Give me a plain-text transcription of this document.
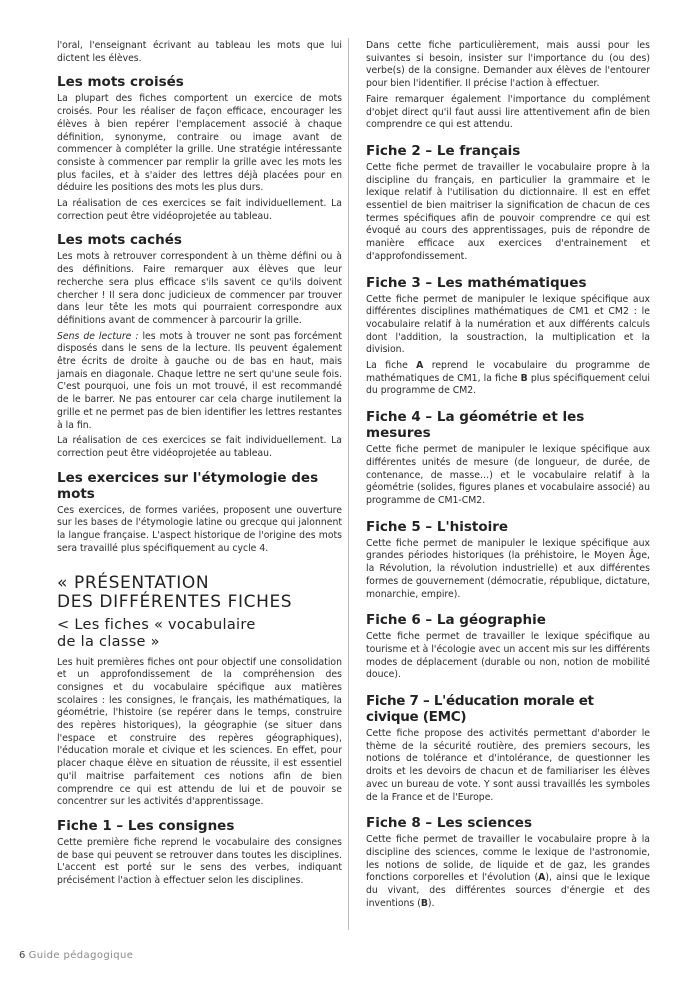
l'oral, l'enseignant écrivant au tableau les mots que lui dictent les élèves.

Les mots croisés

La plupart des fiches comportent un exercice de mots croisés. Pour les réaliser de façon efficace, encourager les élèves à bien repérer l'emplacement associé à chaque définition, synonyme, contraire ou image avant de commencer à compléter la grille. Une stratégie intéressante consiste à commencer par remplir la grille avec les mots les plus faciles, et à s'aider des lettres déjà placées pour en déduire les positions des mots les plus durs.

La réalisation de ces exercices se fait individuellement. La correction peut être vidéoprojetée au tableau.

Les mots cachés

Les mots à retrouver correspondent à un thème défini ou à des définitions. Faire remarquer aux élèves que leur recherche sera plus efficace s'ils savent ce qu'ils doivent chercher ! Il sera donc judicieux de commencer par trouver dans leur tête les mots qui pourraient correspondre aux définitions avant de commencer à parcourir la grille.

Sens de lecture : les mots à trouver ne sont pas forcément disposés dans le sens de la lecture. Ils peuvent également être écrits de droite à gauche ou de bas en haut, mais jamais en diagonale. Chaque lettre ne sert qu'une seule fois. C'est pourquoi, une fois un mot trouvé, il est recommandé de le barrer. Ne pas entourer car cela charge inutilement la grille et ne permet pas de bien identifier les lettres restantes à la fin.

La réalisation de ces exercices se fait individuellement. La correction peut être vidéoprojetée au tableau.

Les exercices sur l'étymologie des mots

Ces exercices, de formes variées, proposent une ouverture sur les bases de l'étymologie latine ou grecque qui jalonnent la langue française. L'aspect historique de l'origine des mots sera travaillé plus spécifiquement au cycle 4.

« PRÉSENTATION
DES DIFFÉRENTES FICHES
< Les fiches « vocabulaire
de la classe »

Les huit premières fiches ont pour objectif une consolidation et un approfondissement de la compréhension des consignes et du vocabulaire spécifique aux matières scolaires : les consignes, le français, les mathématiques, la géométrie, l'histoire (se repérer dans le temps, construire des repères historiques), la géographie (se situer dans l'espace et construire des repères géographiques), l'éducation morale et civique et les sciences. En effet, pour placer chaque élève en situation de réussite, il est essentiel qu'il maitrise parfaitement ces notions afin de bien comprendre ce qui est attendu de lui et de pouvoir se concentrer sur les activités d'apprentissage.

Fiche 1 – Les consignes

Cette première fiche reprend le vocabulaire des consignes de base qui peuvent se retrouver dans toutes les disciplines. L'accent est porté sur le sens des verbes, indiquant précisément l'action à effectuer selon les disciplines.

Dans cette fiche particulièrement, mais aussi pour les suivantes si besoin, insister sur l'importance du (ou des) verbe(s) de la consigne. Demander aux élèves de l'entourer pour bien l'identifier. Il précise l'action à effectuer.

Faire remarquer également l'importance du complément d'objet direct qu'il faut aussi lire attentivement afin de bien comprendre ce qui est attendu.

Fiche 2 – Le français

Cette fiche permet de travailler le vocabulaire propre à la discipline du français, en particulier la grammaire et le lexique relatif à l'utilisation du dictionnaire. Il est en effet essentiel de bien maitriser la signification de chacun de ces termes spécifiques afin de pouvoir comprendre ce qui est évoqué au cours des apprentissages, puis de répondre de manière efficace aux exercices d'entrainement et d'approfondissement.

Fiche 3 – Les mathématiques

Cette fiche permet de manipuler le lexique spécifique aux différentes disciplines mathématiques de CM1 et CM2 : le vocabulaire relatif à la numération et aux différents calculs dont l'addition, la soustraction, la multiplication et la division.

La fiche A reprend le vocabulaire du programme de mathématiques de CM1, la fiche B plus spécifiquement celui du programme de CM2.

Fiche 4 – La géométrie et les mesures

Cette fiche permet de manipuler le lexique spécifique aux différentes unités de mesure (de longueur, de durée, de contenance, de masse…) et le vocabulaire relatif à la géométrie (solides, figures planes et vocabulaire associé) au programme de CM1-CM2.

Fiche 5 – L'histoire

Cette fiche permet de manipuler le lexique spécifique aux grandes périodes historiques (la préhistoire, le Moyen Âge, la Révolution, la révolution industrielle) et aux différentes formes de gouvernement (démocratie, république, dictature, monarchie, empire).

Fiche 6 – La géographie

Cette fiche permet de travailler le lexique spécifique au tourisme et à l'écologie avec un accent mis sur les différents modes de déplacement (durable ou non, notion de mobilité douce).

Fiche 7 – L'éducation morale et civique (EMC)

Cette fiche propose des activités permettant d'aborder le thème de la sécurité routière, des premiers secours, les notions de tolérance et d'intolérance, de questionner les droits et les devoirs de chacun et de familiariser les élèves avec un bureau de vote. Y sont aussi travaillés les symboles de la France et de l'Europe.

Fiche 8 – Les sciences

Cette fiche permet de travailler le vocabulaire propre à la discipline des sciences, comme le lexique de l'astronomie, les notions de solide, de liquide et de gaz, les grandes fonctions corporelles et l'évolution (A), ainsi que le lexique du vivant, des différentes sources d'énergie et des inventions (B).

6 Guide pédagogique
